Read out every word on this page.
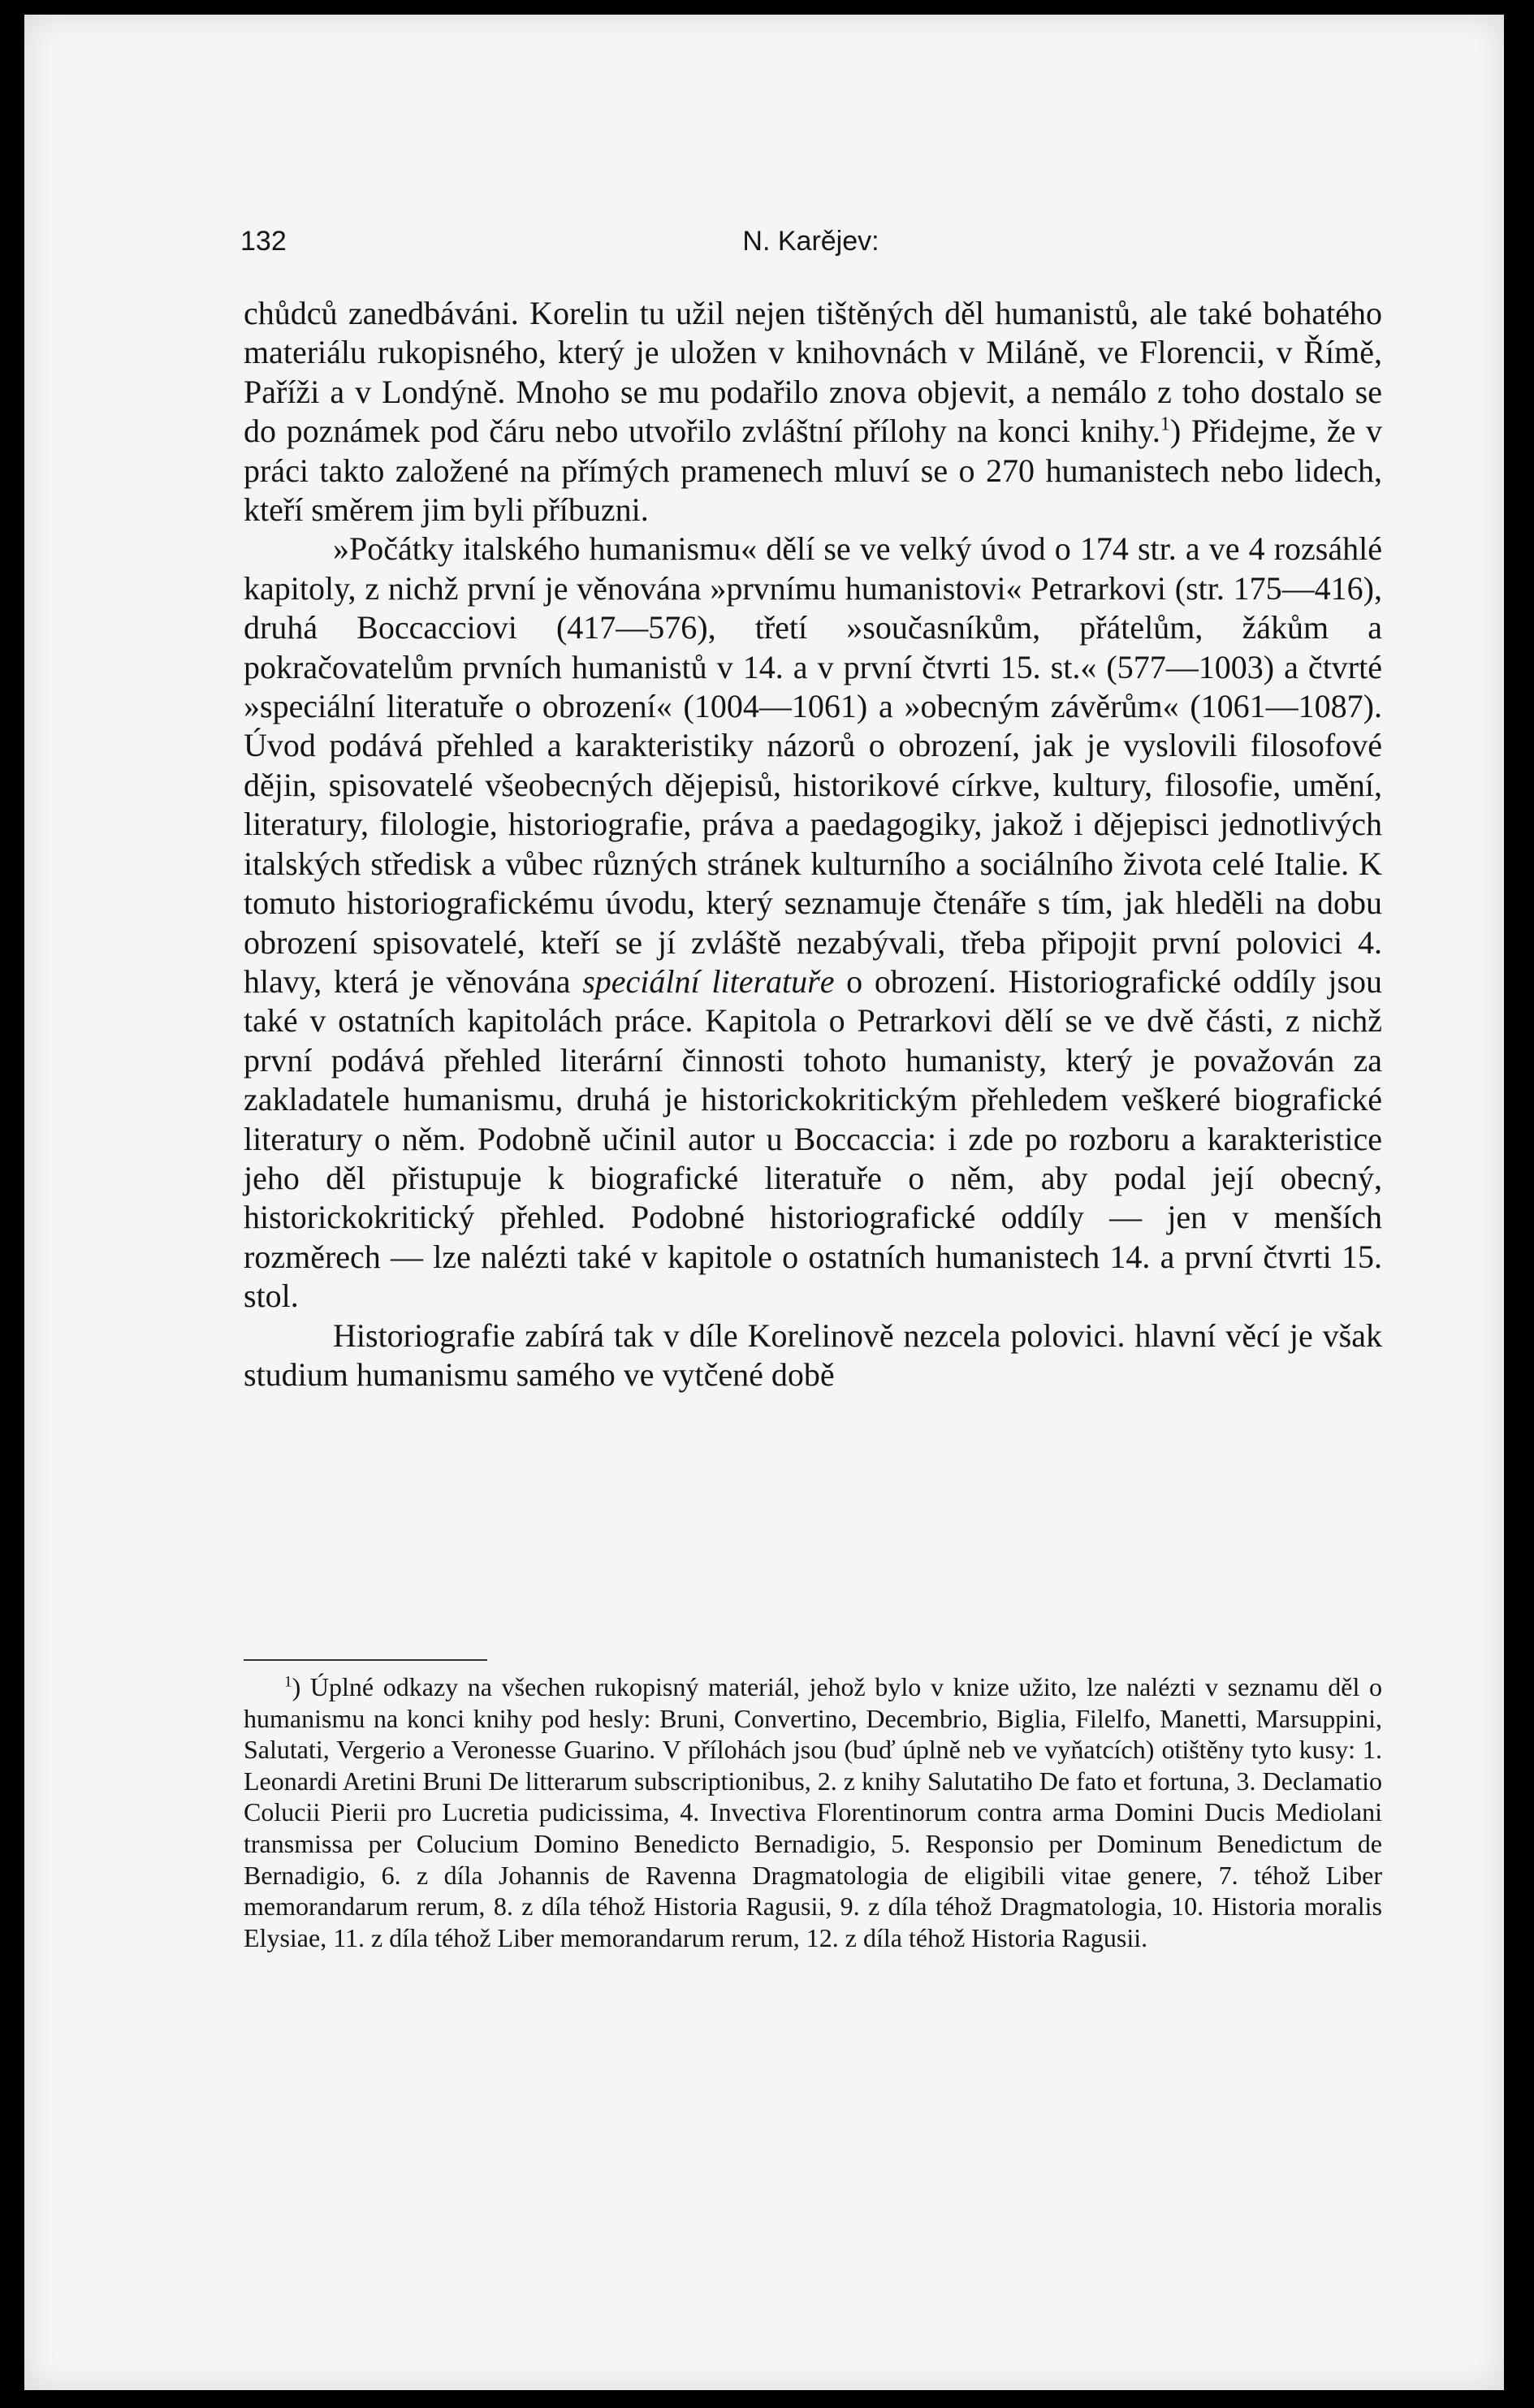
132	N. Karějev:

chůdců zanedbáváni. Korelin tu užil nejen tištěných děl humanistů, ale také bohatého materiálu rukopisného, který je uložen v knihovnách v Miláně, ve Florencii, v Římě, Paříži a v Londýně. Mnoho se mu podařilo znova objevit, a nemálo z toho dostalo se do poznámek pod čáru nebo utvořilo zvláštní přílohy na konci knihy.$^1$) Přidejme, že v práci takto založené na přímých pramenech mluví se o 270 humanistech nebo lidech, kteří směrem jim byli příbuzni.

»Počátky italského humanismu« dělí se ve velký úvod o 174 str. a ve 4 rozsáhlé kapitoly, z nichž první je věnována »prvnímu humanistovi« Petrarkovi (str. 175—416), druhá Boccacciovi (417—576), třetí »současníkům, přátelům, žákům a pokračovatelům prvních humanistů v 14. a v první čtvrti 15. st.« (577—1003) a čtvrté »speciální literatuře o obrození« (1004—1061) a »obecným závěrům« (1061—1087). Úvod podává přehled a karakteristiky názorů o obrození, jak je vyslovili filosofové dějin, spisovatelé všeobecných dějepisů, historikové církve, kultury, filosofie, umění, literatury, filologie, historiografie, práva a paedagogiky, jakož i dějepisci jednotlivých italských středisk a vůbec různých stránek kulturního a sociálního života celé Italie. K tomuto historiografickému úvodu, který seznamuje čtenáře s tím, jak hleděli na dobu obrození spisovatelé, kteří se jí zvláště nezabývali, třeba připojit první polovici 4. hlavy, která je věnována speciální literatuře o obrození. Historiografické oddíly jsou také v ostatních kapitolách práce. Kapitola o Petrarkovi dělí se ve dvě části, z nichž první podává přehled literární činnosti tohoto humanisty, který je považován za zakladatele humanismu, druhá je historickokritickým přehledem veškeré biografické literatury o něm. Podobně učinil autor u Boccaccia: i zde po rozboru a karakteristice jeho děl přistupuje k biografické literatuře o něm, aby podal její obecný, historickokritický přehled. Podobné historiografické oddíly — jen v menších rozměrech — lze nalézti také v kapitole o ostatních humanistech 14. a první čtvrti 15. stol.

Historiografie zabírá tak v díle Korelinově nezcela polovici. hlavní věcí je však studium humanismu samého ve vytčené době

$^1$) Úplné odkazy na všechen rukopisný materiál, jehož bylo v knize užito, lze nalézti v seznamu děl o humanismu na konci knihy pod hesly: Bruni, Convertino, Decembrio, Biglia, Filelfo, Manetti, Marsuppini, Salutati, Vergerio a Veronesse Guarino. V přílohách jsou (buď úplně neb ve vyňatcích) otištěny tyto kusy: 1. Leonardi Aretini Bruni De litterarum subscriptionibus, 2. z knihy Salutatiho De fato et fortuna, 3. Declamatio Colucii Pierii pro Lucretia pudicissima, 4. Invectiva Florentinorum contra arma Domini Ducis Mediolani transmissa per Colucium Domino Benedicto Bernadigio, 5. Responsio per Dominum Benedictum de Bernadigio, 6. z díla Johannis de Ravenna Dragmatologia de eligibili vitae genere, 7. téhož Liber memorandarum rerum, 8. z díla téhož Historia Ragusii, 9. z díla téhož Dragmatologia, 10. Historia moralis Elysiae, 11. z díla téhož Liber memorandarum rerum, 12. z díla téhož Historia Ragusii.
